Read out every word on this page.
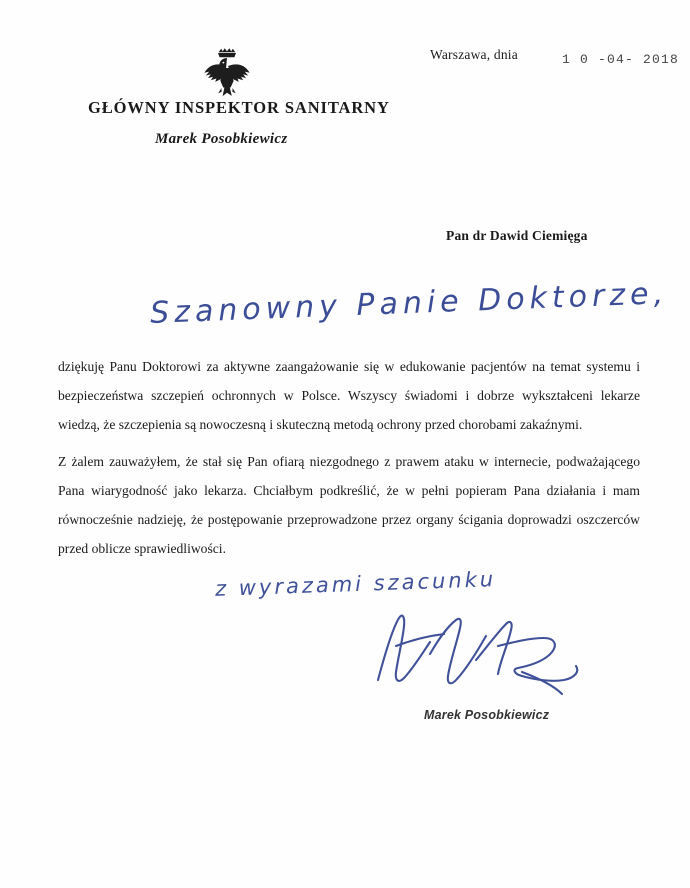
Warszawa, dnia	1 0 -04- 2018
GŁÓWNY INSPEKTOR SANITARNY
Marek Posobkiewicz
Pan dr Dawid Ciemięga
Szanowny Panie Doktorze,

dziękuję Panu Doktorowi za aktywne zaangażowanie się w edukowanie pacjentów na temat systemu i bezpieczeństwa szczepień ochronnych w Polsce. Wszyscy świadomi i dobrze wykształceni lekarze wiedzą, że szczepienia są nowoczesną i skuteczną metodą ochrony przed chorobami zakaźnymi.

Z żalem zauważyłem, że stał się Pan ofiarą niezgodnego z prawem ataku w internecie, podważającego Pana wiarygodność jako lekarza. Chciałbym podkreślić, że w pełni popieram Pana działania i mam równocześnie nadzieję, że postępowanie przeprowadzone przez organy ścigania doprowadzi oszczerców przed oblicze sprawiedliwości.

z wyrazami szacunku
Marek Posobkiewicz
